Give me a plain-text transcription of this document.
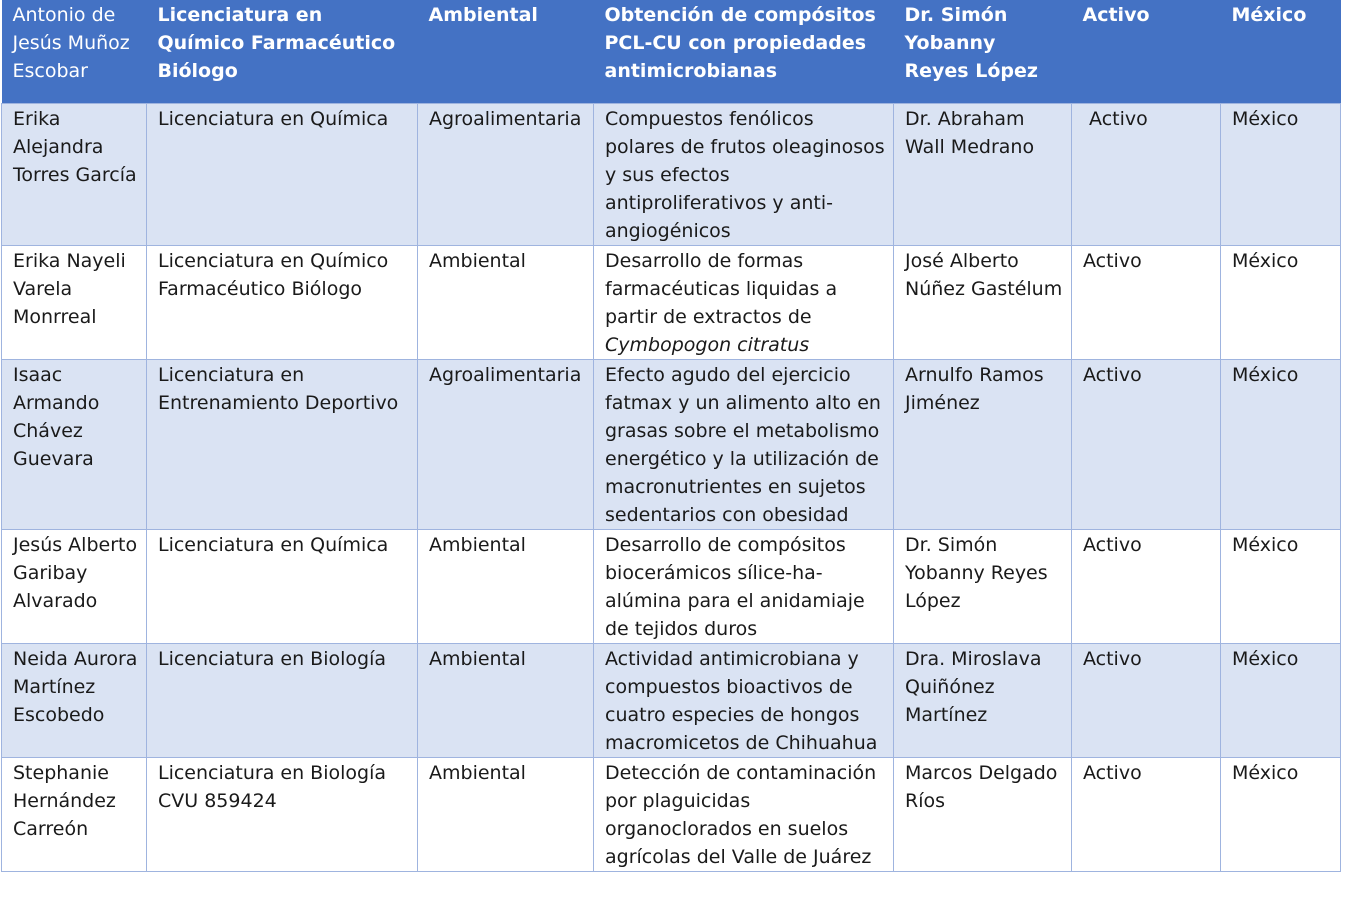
Antonio de Jesús Muñoz Escobar	Licenciatura en Químico Farmacéutico Biólogo	Ambiental	Obtención de compósitos PCL-CU con propiedades antimicrobianas	Dr. Simón Yobanny Reyes López	Activo	México
Erika Alejandra Torres García	Licenciatura en Química	Agroalimentaria	Compuestos fenólicos polares de frutos oleaginosos y sus efectos antiproliferativos y anti-angiogénicos	Dr. Abraham Wall Medrano	Activo	México
Erika Nayeli Varela Monrreal	Licenciatura en Químico Farmacéutico Biólogo	Ambiental	Desarrollo de formas farmacéuticas liquidas a partir de extractos de Cymbopogon citratus	José Alberto Núñez Gastélum	Activo	México
Isaac Armando Chávez Guevara	Licenciatura en Entrenamiento Deportivo	Agroalimentaria	Efecto agudo del ejercicio fatmax y un alimento alto en grasas sobre el metabolismo energético y la utilización de macronutrientes en sujetos sedentarios con obesidad	Arnulfo Ramos Jiménez	Activo	México
Jesús Alberto Garibay Alvarado	Licenciatura en Química	Ambiental	Desarrollo de compósitos biocerámicos sílice-ha-alúmina para el anidamiaje de tejidos duros	Dr. Simón Yobanny Reyes López	Activo	México
Neida Aurora Martínez Escobedo	Licenciatura en Biología	Ambiental	Actividad antimicrobiana y compuestos bioactivos de cuatro especies de hongos macromicetos de Chihuahua	Dra. Miroslava Quiñónez Martínez	Activo	México
Stephanie Hernández Carreón	Licenciatura en Biología CVU 859424	Ambiental	Detección de contaminación por plaguicidas organoclorados en suelos agrícolas del Valle de Juárez	Marcos Delgado Ríos	Activo	México
